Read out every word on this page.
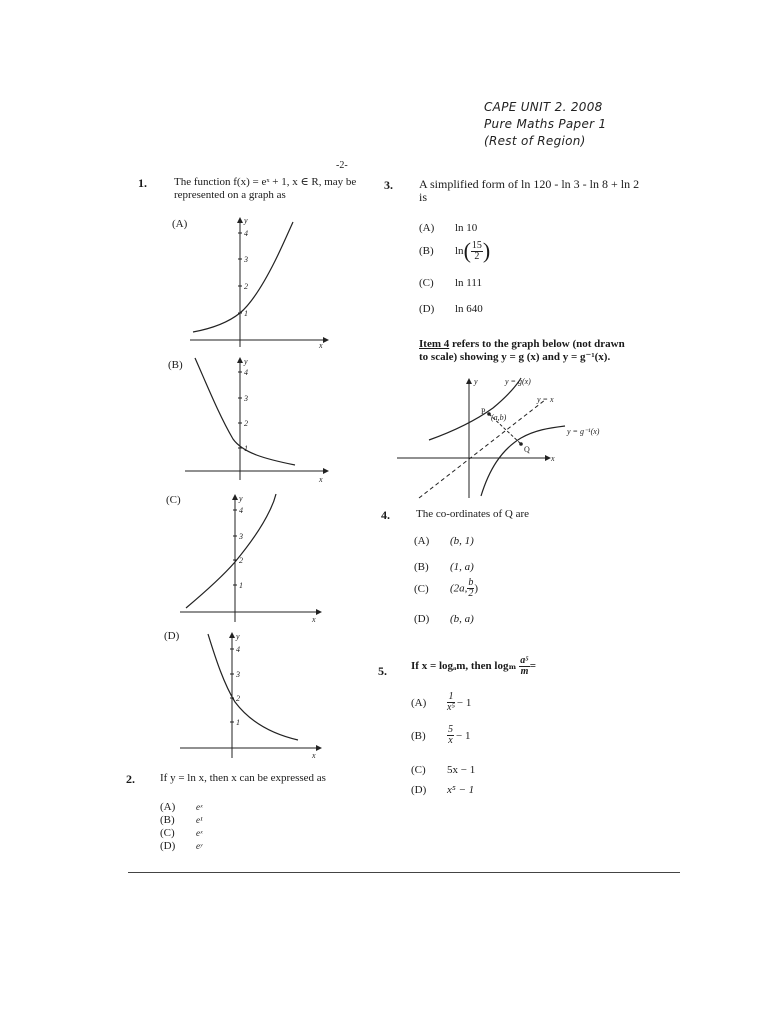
CAPE UNIT 2. 2008
Pure Maths Paper 1
(Rest of Region)
-2-
1. The function f(x) = eˣ + 1, x ∈ R, may be
represented on a graph as
(A)
x
y
1
2
3
4
(B)
x
y
1
2
3
4
(C)
x
y
1
2
3
4
(D)
x
y
1
2
3
4
2. If y = ln x, then x can be expressed as
(A) eˣ
(B) e¹
(C) eˣ
(D) eʸ
3. A simplified form of ln 120 - ln 3 - ln 8 + ln 2
is
(A) ln 10
(B) $\ln( \frac{15}{2}$ )
(C) ln 111
(D) ln 640
Item 4 refers to the graph below (not drawn
to scale) showing y = g (x) and y = g⁻¹(x).
y
x
y = g(x)
y = x
y = g⁻¹(x)
P
(a,b)
Q
4. The co-ordinates of Q are
(A) (b, 1)
(B) (1, a)
(C) (2a, $\frac{b}{2}$ )
(D) (b, a)
5. If x = logₐm, then logₘ $\frac{\text{a⁵}}{m}$ =
$(A) \frac{1}{\text{x⁵}} - 1$
$(B) \frac{5}{x} - 1$
(C) 5x − 1
(D) x⁵ − 1
